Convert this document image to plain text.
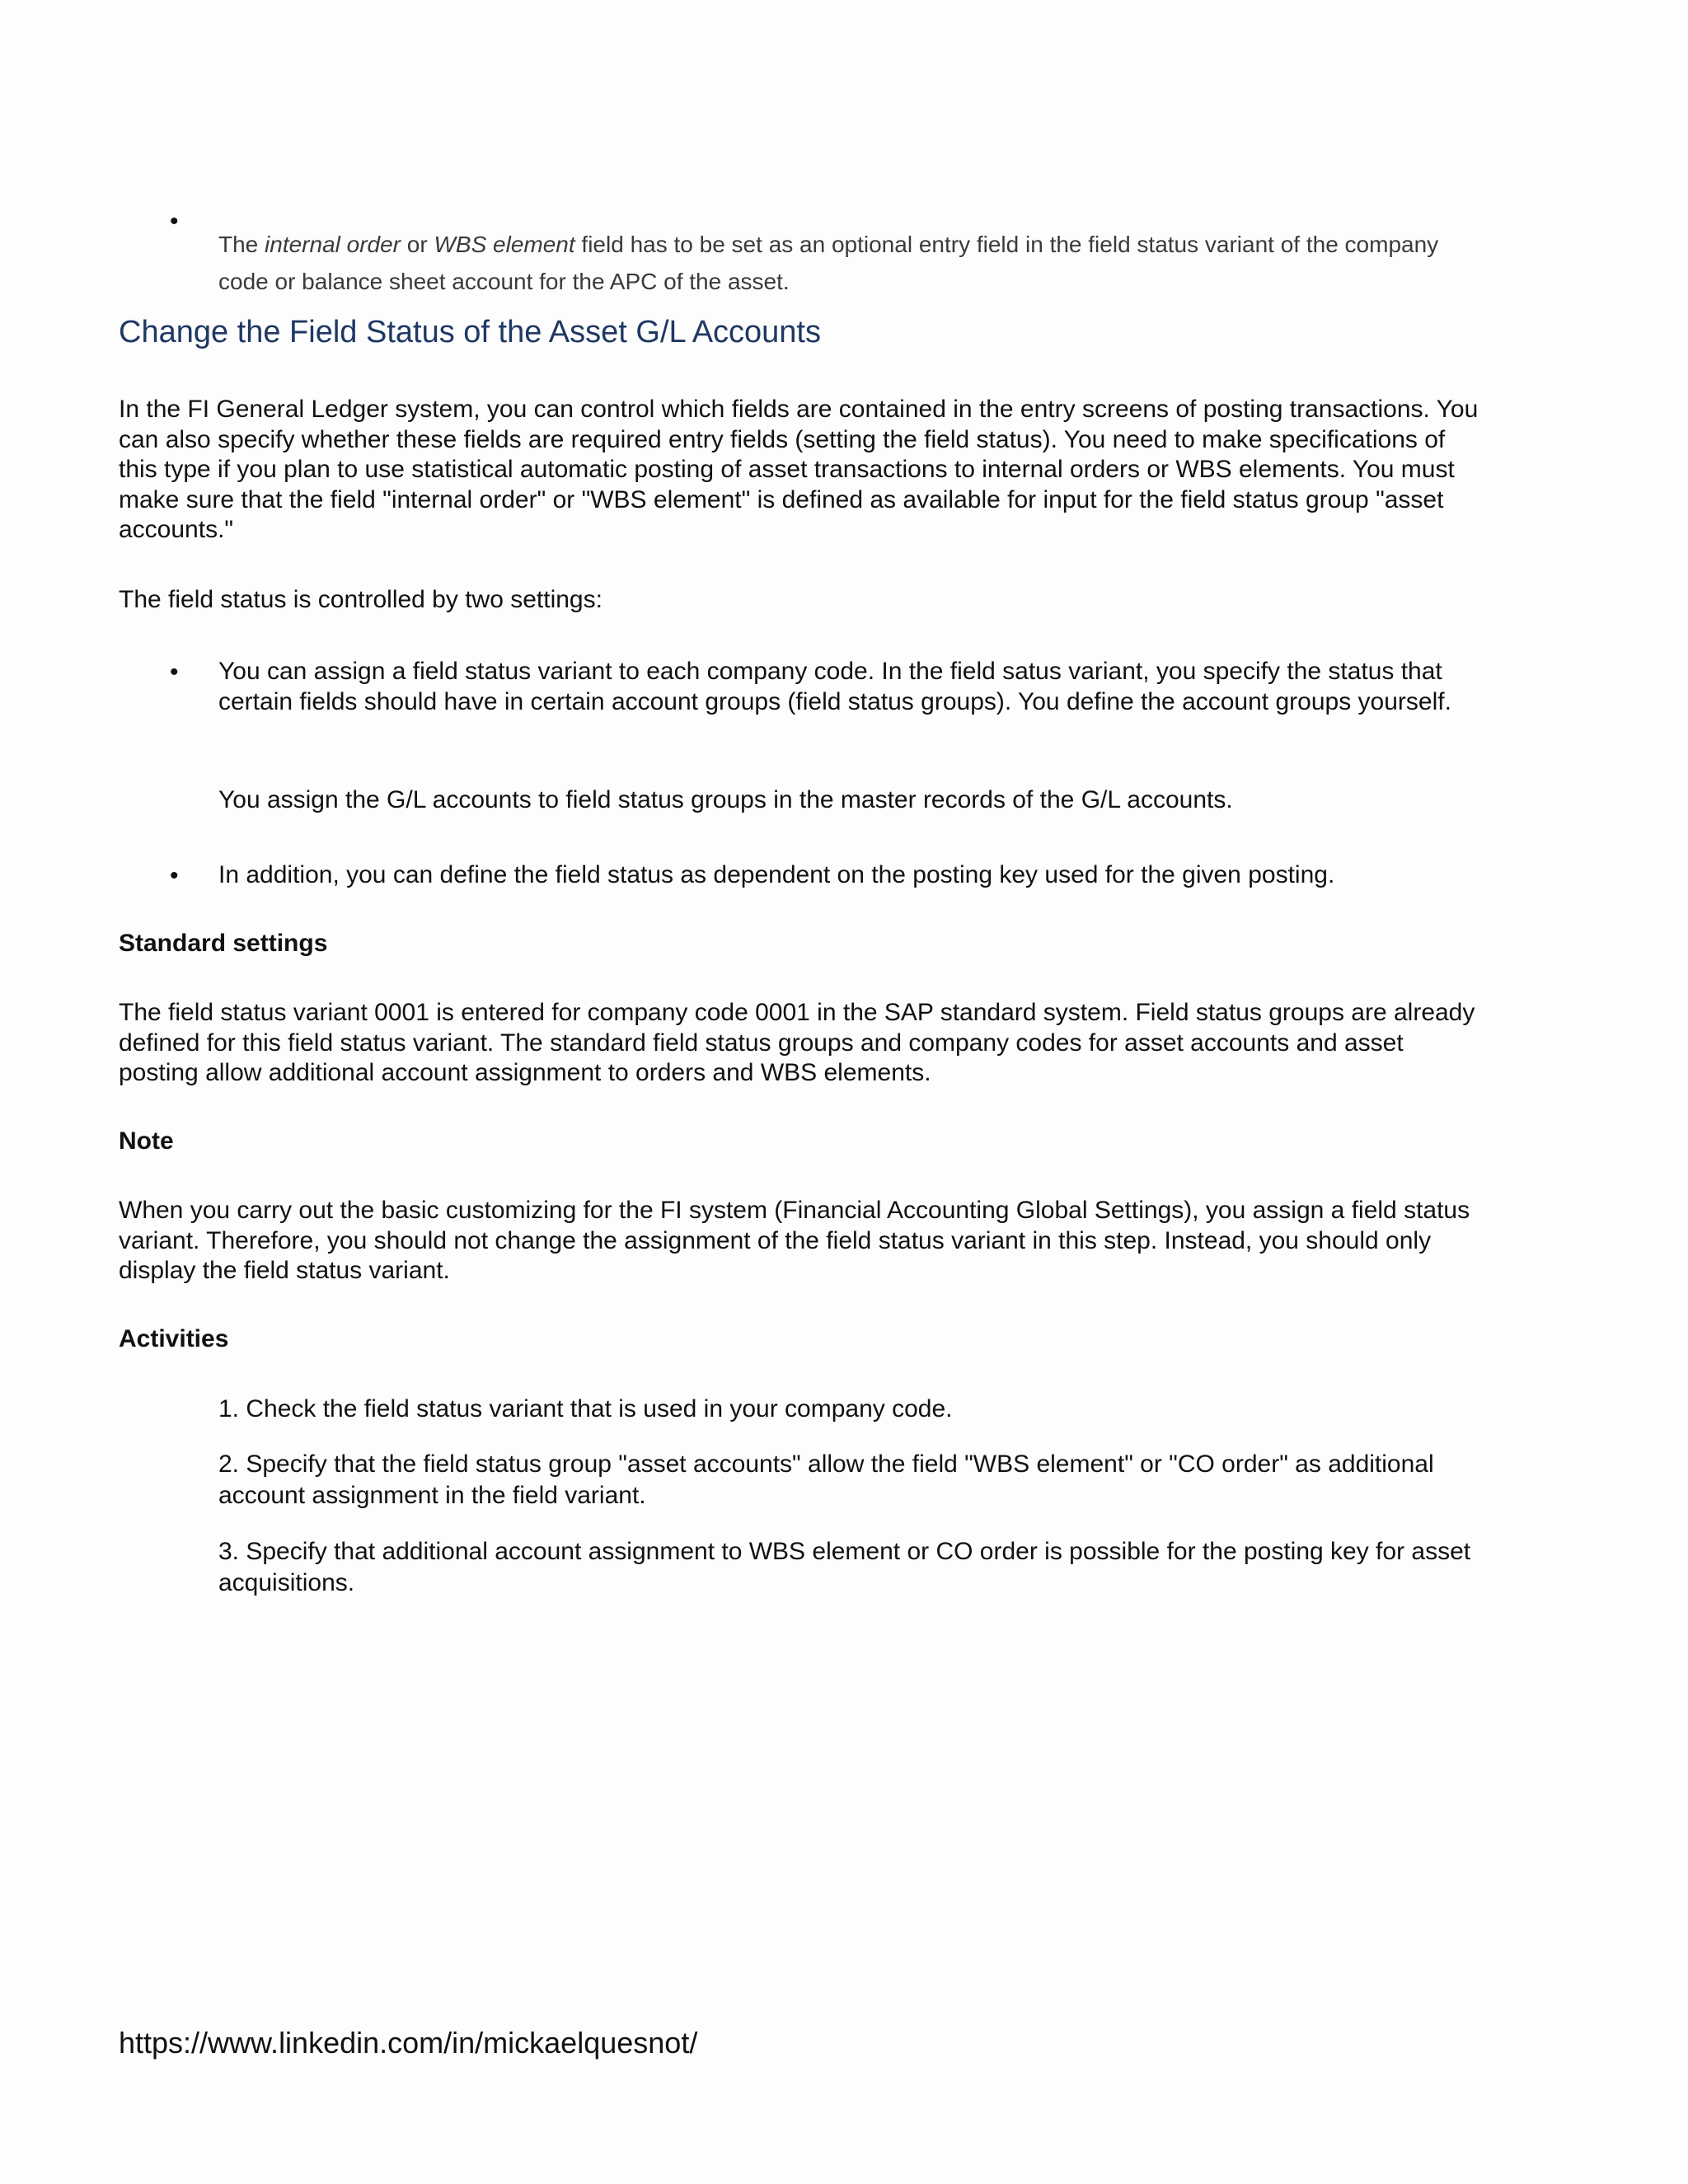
•

The internal order or WBS element field has to be set as an optional entry field in the field status variant of the company code or balance sheet account for the APC of the asset.

Change the Field Status of the Asset G/L Accounts

In the FI General Ledger system, you can control which fields are contained in the entry screens of posting transactions. You can also specify whether these fields are required entry fields (setting the field status). You need to make specifications of this type if you plan to use statistical automatic posting of asset transactions to internal orders or WBS elements. You must make sure that the field "internal order" or "WBS element" is defined as available for input for the field status group "asset accounts."

The field status is controlled by two settings:

• You can assign a field status variant to each company code. In the field satus variant, you specify the status that certain fields should have in certain account groups (field status groups). You define the account groups yourself.

You assign the G/L accounts to field status groups in the master records of the G/L accounts.

• In addition, you can define the field status as dependent on the posting key used for the given posting.

Standard settings

The field status variant 0001 is entered for company code 0001 in the SAP standard system. Field status groups are already defined for this field status variant. The standard field status groups and company codes for asset accounts and asset posting allow additional account assignment to orders and WBS elements.

Note

When you carry out the basic customizing for the FI system (Financial Accounting Global Settings), you assign a field status variant. Therefore, you should not change the assignment of the field status variant in this step. Instead, you should only display the field status variant.

Activities

1. Check the field status variant that is used in your company code.

2. Specify that the field status group "asset accounts" allow the field "WBS element" or "CO order" as additional account assignment in the field variant.

3. Specify that additional account assignment to WBS element or CO order is possible for the posting key for asset acquisitions.

https://www.linkedin.com/in/mickaelquesnot/
